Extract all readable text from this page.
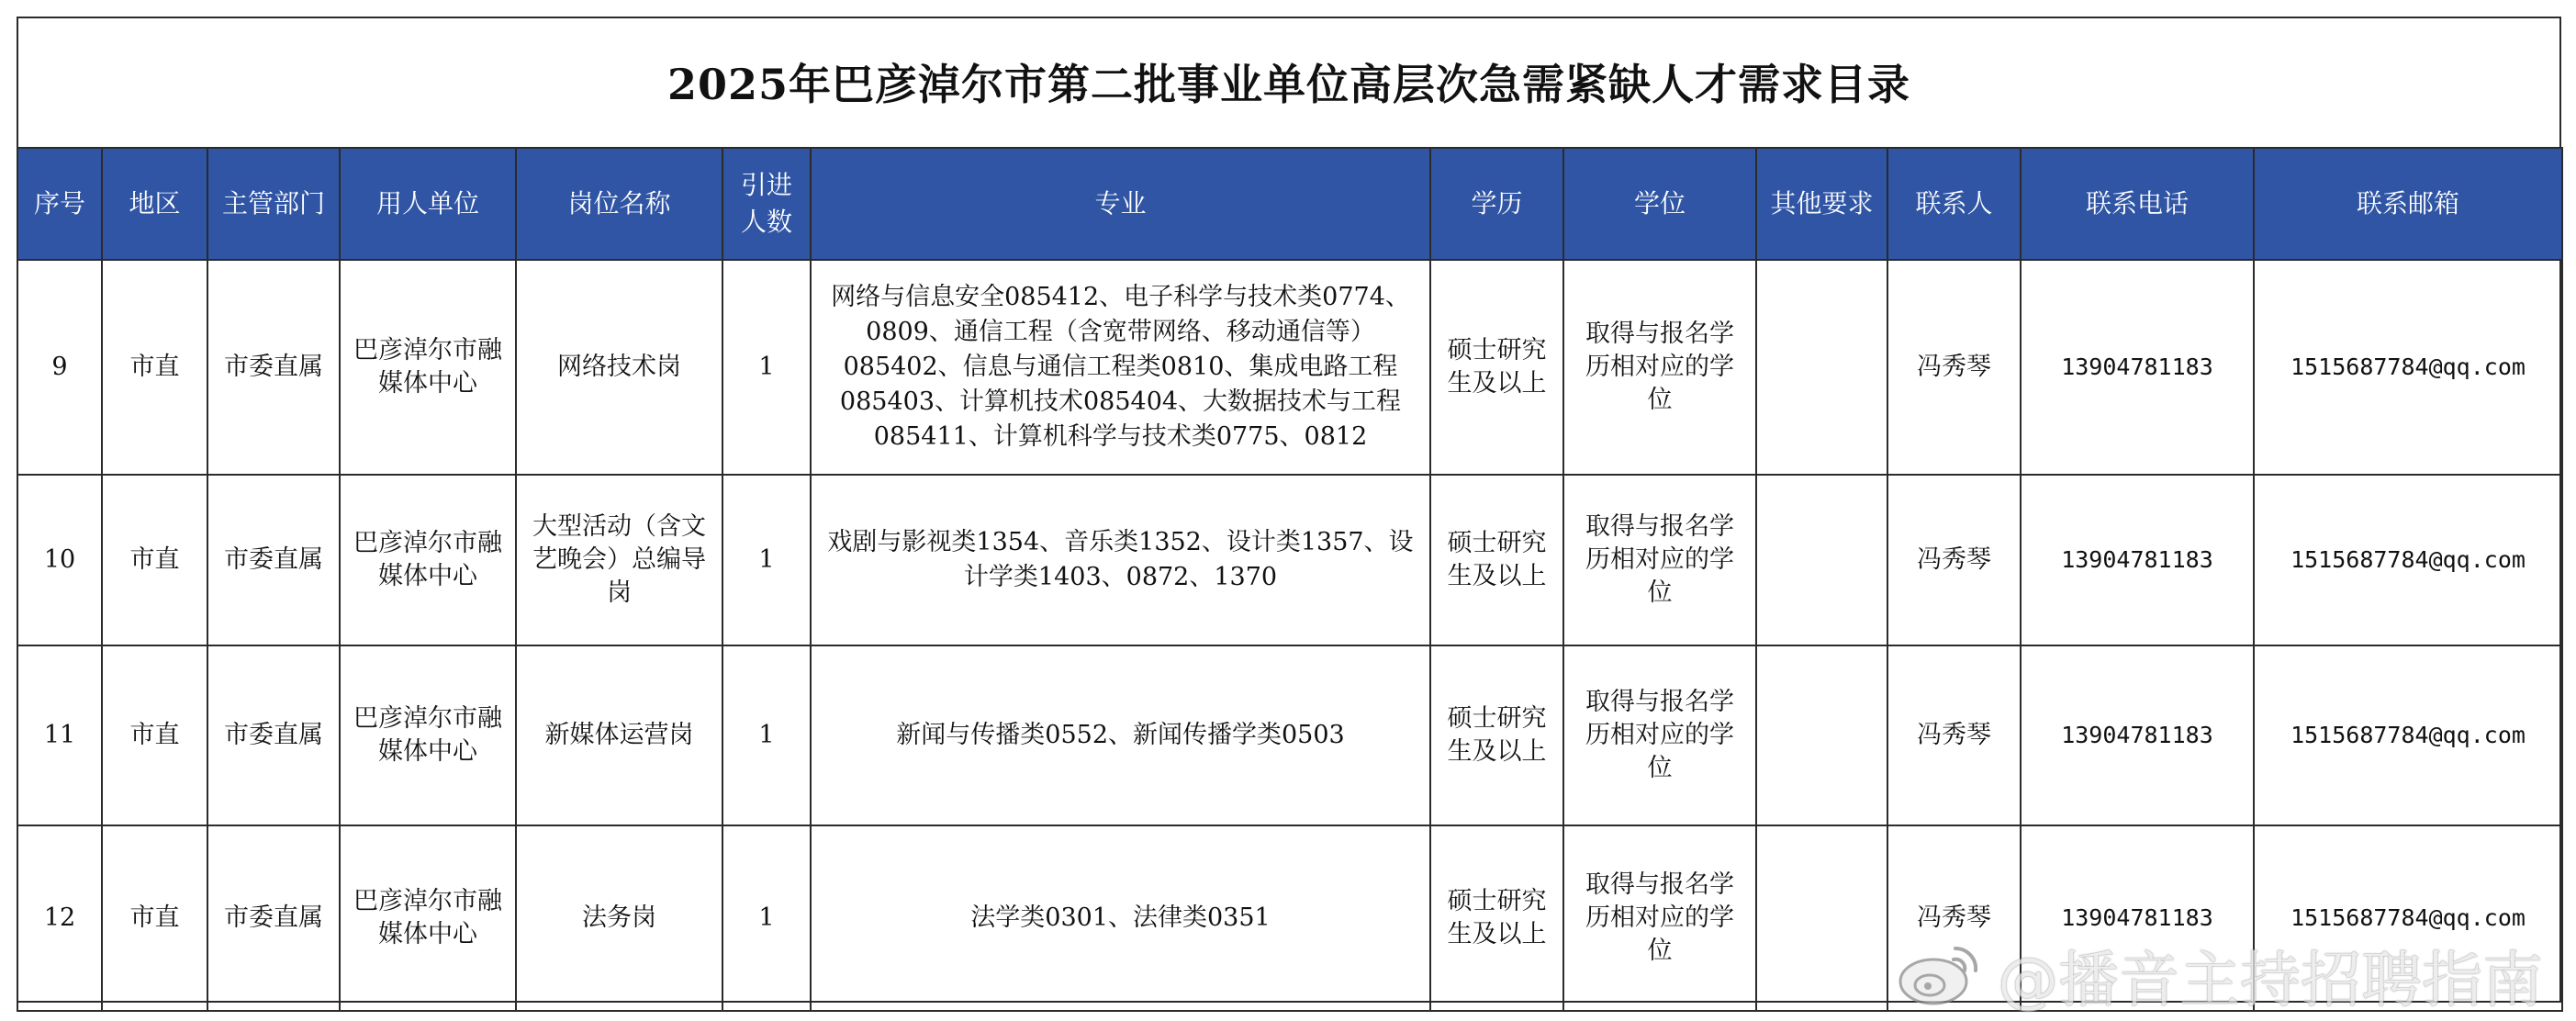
2025年巴彦淖尔市第二批事业单位高层次急需紧缺人才需求目录
序号	地区	主管部门	用人单位	岗位名称	引进人数	专业	学历	学位	其他要求	联系人	联系电话	联系邮箱
9	市直	市委直属	巴彦淖尔市融媒体中心	网络技术岗	1	网络与信息安全085412、电子科学与技术类0774、0809、通信工程（含宽带网络、移动通信等）085402、信息与通信工程类0810、集成电路工程085403、计算机技术085404、大数据技术与工程085411、计算机科学与技术类0775、0812	硕士研究生及以上	取得与报名学历相对应的学位		冯秀琴	13904781183	1515687784@qq.com
10	市直	市委直属	巴彦淖尔市融媒体中心	大型活动（含文艺晚会）总编导岗	1	戏剧与影视类1354、音乐类1352、设计类1357、设计学类1403、0872、1370	硕士研究生及以上	取得与报名学历相对应的学位		冯秀琴	13904781183	1515687784@qq.com
11	市直	市委直属	巴彦淖尔市融媒体中心	新媒体运营岗	1	新闻与传播类0552、新闻传播学类0503	硕士研究生及以上	取得与报名学历相对应的学位		冯秀琴	13904781183	1515687784@qq.com
12	市直	市委直属	巴彦淖尔市融媒体中心	法务岗	1	法学类0301、法律类0351	硕士研究生及以上	取得与报名学历相对应的学位		冯秀琴	13904781183	1515687784@qq.com
@播音主持招聘指南
